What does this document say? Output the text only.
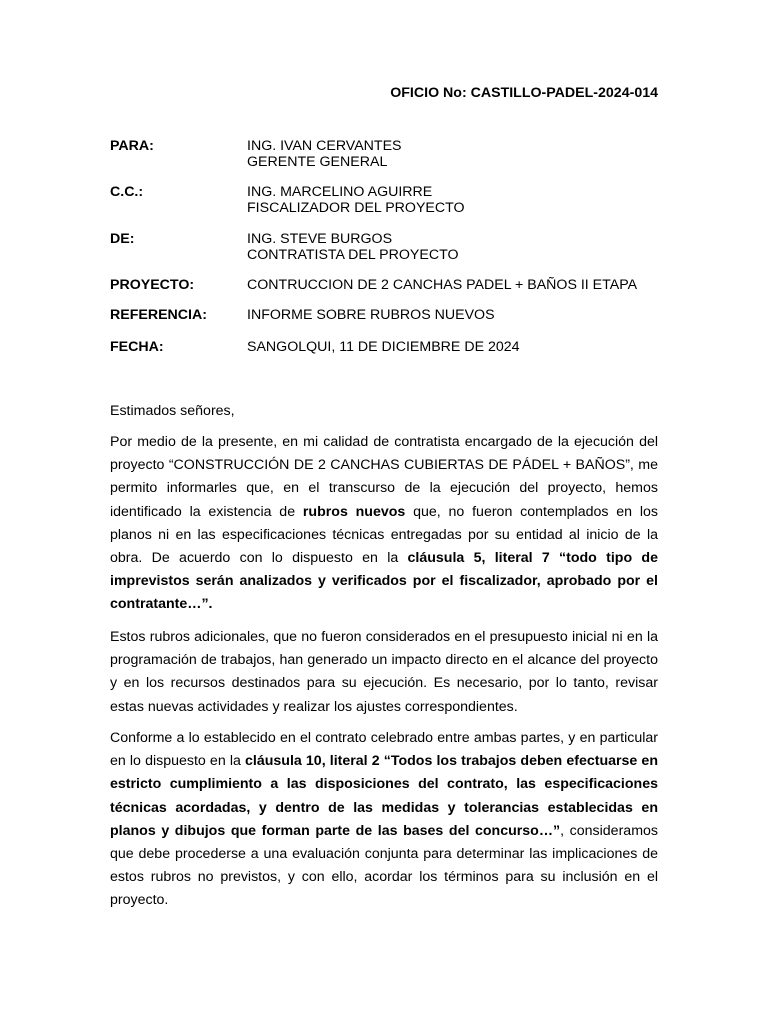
OFICIO No: CASTILLO-PADEL-2024-014
PARA:	ING. IVAN CERVANTES
GERENTE GENERAL
C.C.:	ING. MARCELINO AGUIRRE
FISCALIZADOR DEL PROYECTO
DE:	ING. STEVE BURGOS
CONTRATISTA DEL PROYECTO
PROYECTO:	CONTRUCCION DE 2 CANCHAS PADEL + BAÑOS II ETAPA
REFERENCIA:	INFORME SOBRE RUBROS NUEVOS
FECHA:	SANGOLQUI, 11 DE DICIEMBRE DE 2024
Estimados señores,

Por medio de la presente, en mi calidad de contratista encargado de la ejecución del proyecto “CONSTRUCCIÓN DE 2 CANCHAS CUBIERTAS DE PÁDEL + BAÑOS”, me permito informarles que, en el transcurso de la ejecución del proyecto, hemos identificado la existencia de rubros nuevos que, no fueron contemplados en los planos ni en las especificaciones técnicas entregadas por su entidad al inicio de la obra. De acuerdo con lo dispuesto en la cláusula 5, literal 7 “todo tipo de imprevistos serán analizados y verificados por el fiscalizador, aprobado por el contratante…”.

Estos rubros adicionales, que no fueron considerados en el presupuesto inicial ni en la programación de trabajos, han generado un impacto directo en el alcance del proyecto y en los recursos destinados para su ejecución. Es necesario, por lo tanto, revisar estas nuevas actividades y realizar los ajustes correspondientes.

Conforme a lo establecido en el contrato celebrado entre ambas partes, y en particular en lo dispuesto en la cláusula 10, literal 2 “Todos los trabajos deben efectuarse en estricto cumplimiento a las disposiciones del contrato, las especificaciones técnicas acordadas, y dentro de las medidas y tolerancias establecidas en planos y dibujos que forman parte de las bases del concurso…”, consideramos que debe procederse a una evaluación conjunta para determinar las implicaciones de estos rubros no previstos, y con ello, acordar los términos para su inclusión en el proyecto.
